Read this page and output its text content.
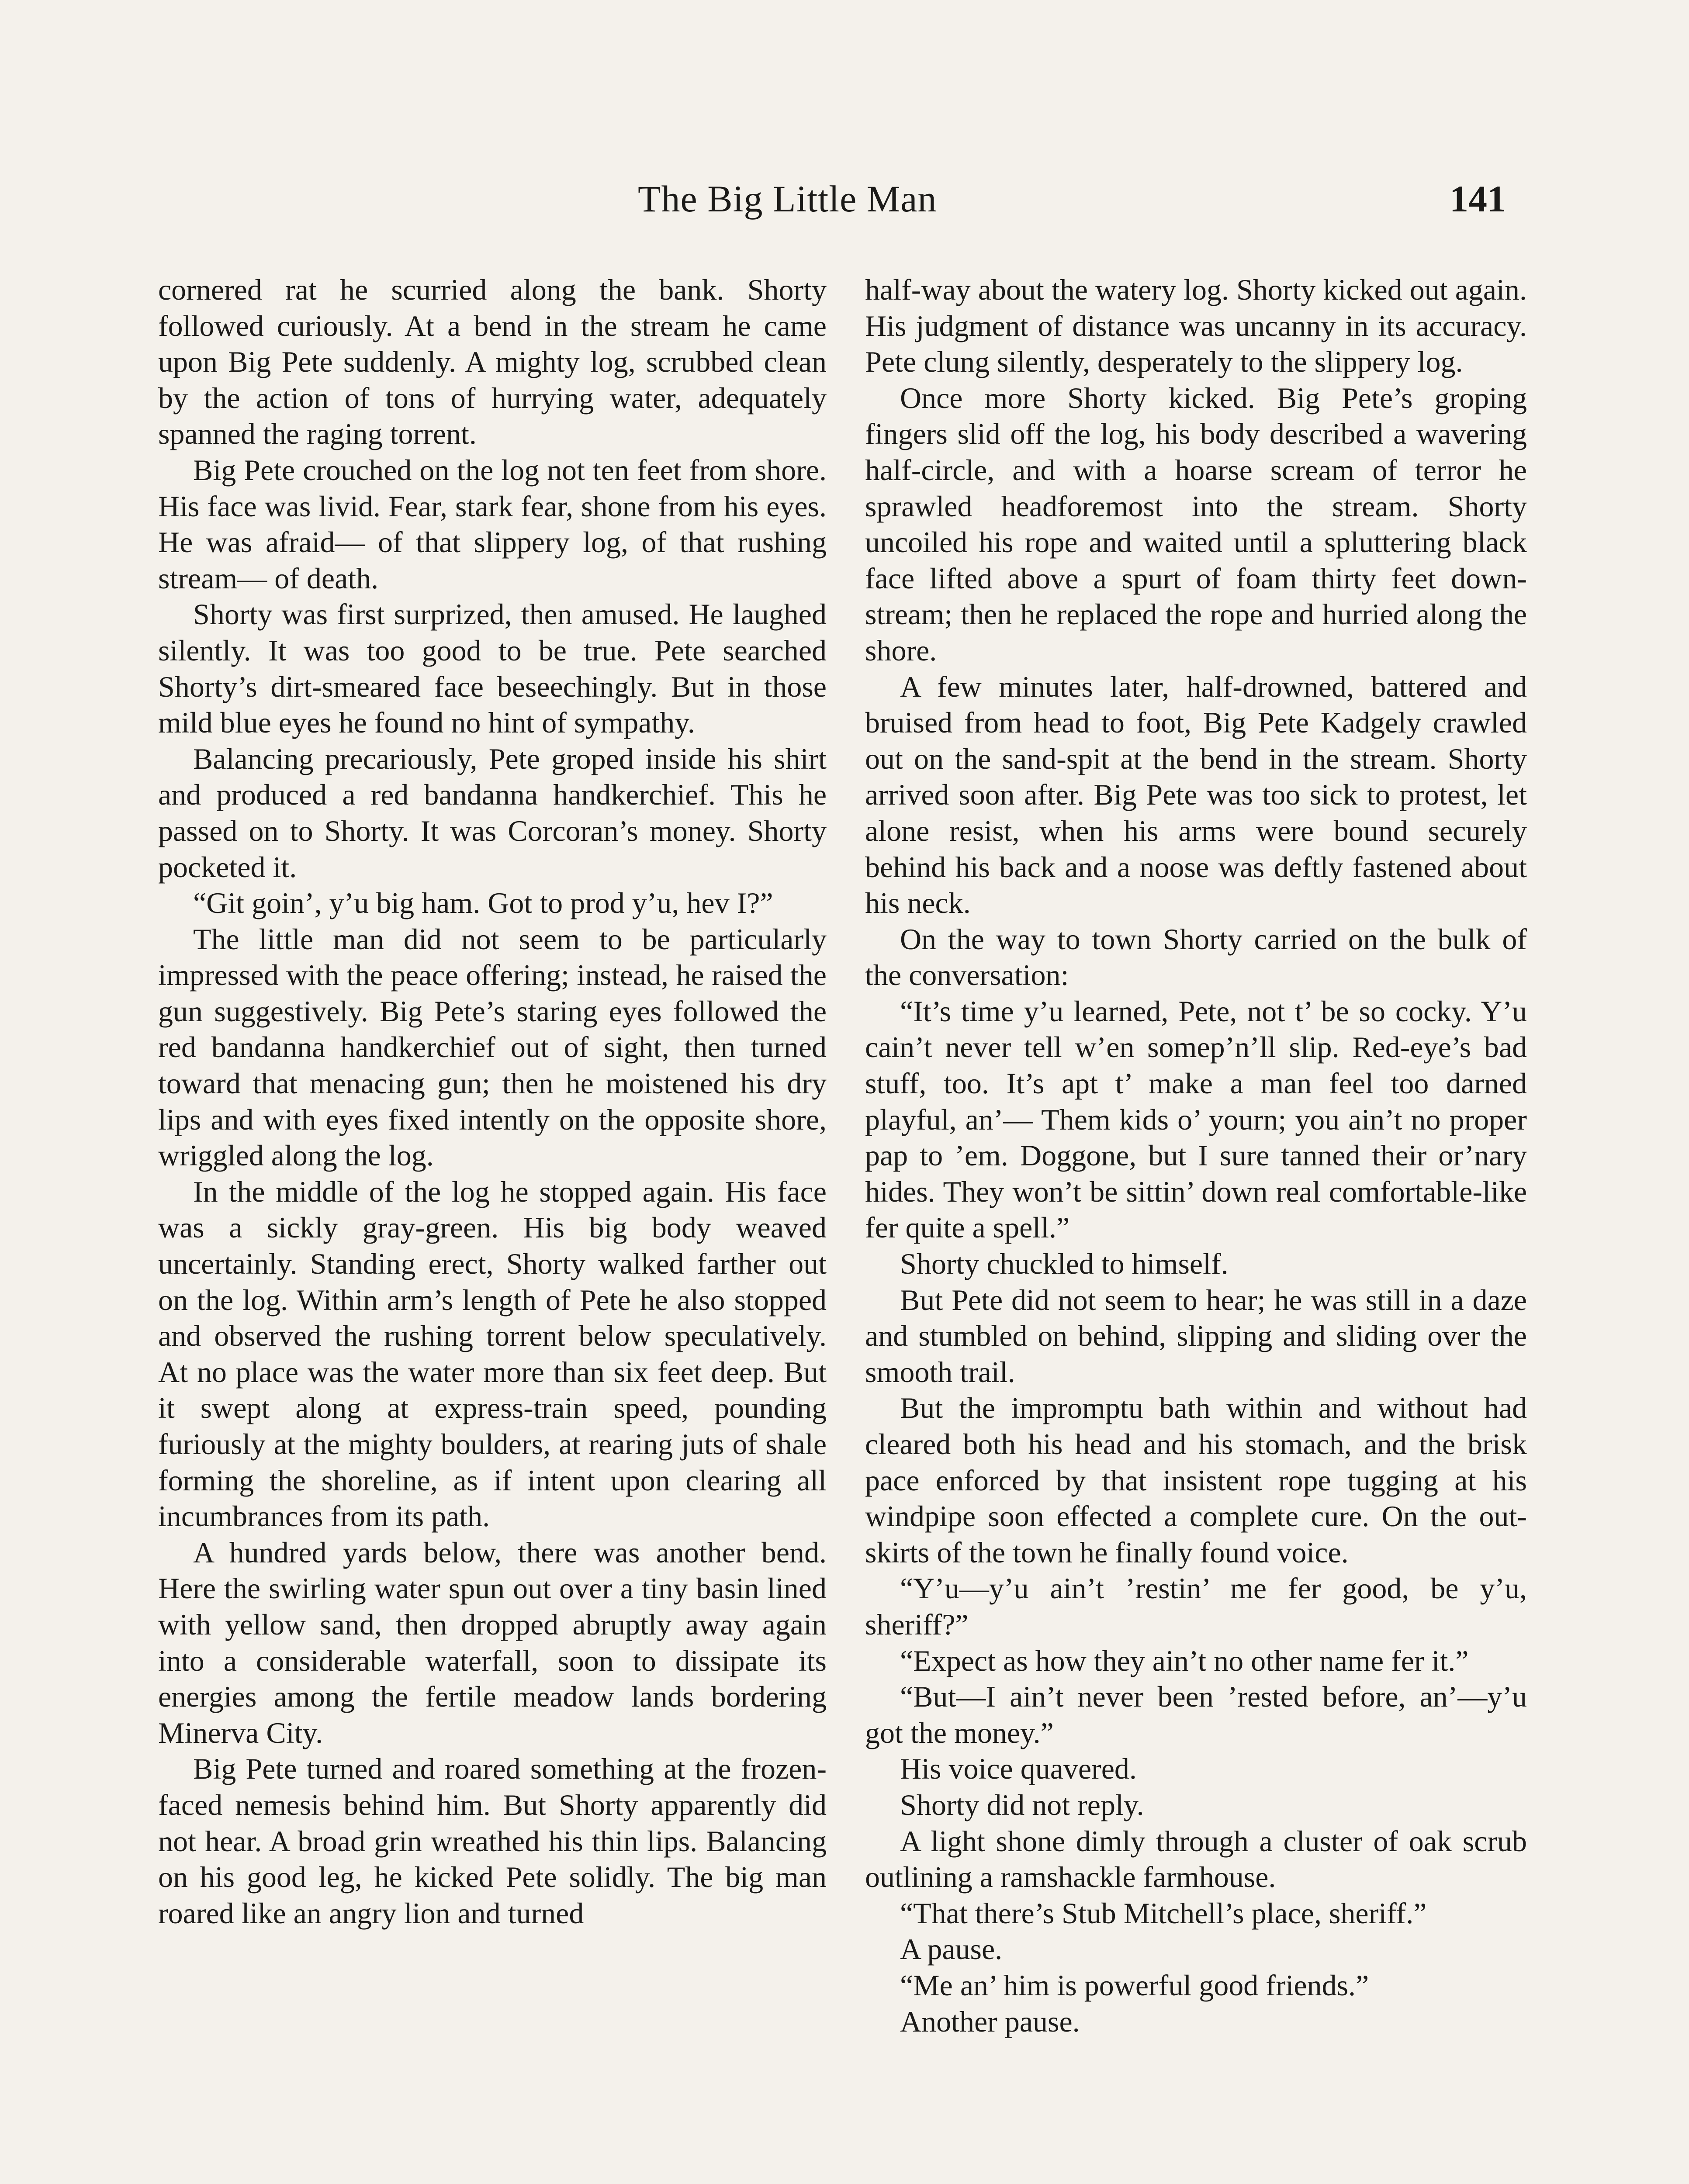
The Big Little Man	141

cornered rat he scurried along the bank. Shorty followed curiously. At a bend in the stream he came upon Big Pete suddenly. A mighty log, scrubbed clean by the action of tons of hurrying water, adequately spanned the raging torrent.

Big Pete crouched on the log not ten feet from shore. His face was livid. Fear, stark fear, shone from his eyes. He was afraid— of that slippery log, of that rushing stream— of death.

Shorty was first surprized, then amused. He laughed silently. It was too good to be true. Pete searched Shorty’s dirt-smeared face beseechingly. But in those mild blue eyes he found no hint of sympathy.

Balancing precariously, Pete groped inside his shirt and produced a red bandanna handkerchief. This he passed on to Shorty. It was Corcoran’s money. Shorty pocketed it.

“Git goin’, y’u big ham. Got to prod y’u, hev I?”

The little man did not seem to be particularly impressed with the peace offering; instead, he raised the gun suggestively. Big Pete’s staring eyes followed the red bandanna handkerchief out of sight, then turned toward that menacing gun; then he moistened his dry lips and with eyes fixed intently on the opposite shore, wriggled along the log.

In the middle of the log he stopped again. His face was a sickly gray-green. His big body weaved uncertainly. Standing erect, Shorty walked farther out on the log. Within arm’s length of Pete he also stopped and observed the rushing torrent below speculatively. At no place was the water more than six feet deep. But it swept along at express-train speed, pounding furiously at the mighty boulders, at rearing juts of shale forming the shoreline, as if intent upon clearing all incumbrances from its path.

A hundred yards below, there was another bend. Here the swirling water spun out over a tiny basin lined with yellow sand, then dropped abruptly away again into a considerable waterfall, soon to dissipate its energies among the fertile meadow lands bordering Minerva City.

Big Pete turned and roared something at the frozen-faced nemesis behind him. But Shorty apparently did not hear. A broad grin wreathed his thin lips. Balancing on his good leg, he kicked Pete solidly. The big man roared like an angry lion and turned

half-way about the watery log. Shorty kicked out again. His judgment of distance was uncanny in its accuracy. Pete clung silently, desperately to the slippery log.

Once more Shorty kicked. Big Pete’s groping fingers slid off the log, his body described a wavering half-circle, and with a hoarse scream of terror he sprawled headforemost into the stream. Shorty uncoiled his rope and waited until a spluttering black face lifted above a spurt of foam thirty feet down-stream; then he replaced the rope and hurried along the shore.

A few minutes later, half-drowned, battered and bruised from head to foot, Big Pete Kadgely crawled out on the sand-spit at the bend in the stream. Shorty arrived soon after. Big Pete was too sick to protest, let alone resist, when his arms were bound securely behind his back and a noose was deftly fastened about his neck.

On the way to town Shorty carried on the bulk of the conversation:

“It’s time y’u learned, Pete, not t’ be so cocky. Y’u cain’t never tell w’en somep’n’ll slip. Red-eye’s bad stuff, too. It’s apt t’ make a man feel too darned playful, an’— Them kids o’ yourn; you ain’t no proper pap to ’em. Doggone, but I sure tanned their or’nary hides. They won’t be sittin’ down real comfortable-like fer quite a spell.”

Shorty chuckled to himself.

But Pete did not seem to hear; he was still in a daze and stumbled on behind, slipping and sliding over the smooth trail.

But the impromptu bath within and without had cleared both his head and his stomach, and the brisk pace enforced by that insistent rope tugging at his windpipe soon effected a complete cure. On the outskirts of the town he finally found voice.

“Y’u—y’u ain’t ’restin’ me fer good, be y’u, sheriff?”

“Expect as how they ain’t no other name fer it.”

“But—I ain’t never been ’rested before, an’—y’u got the money.”

His voice quavered.

Shorty did not reply.

A light shone dimly through a cluster of oak scrub outlining a ramshackle farmhouse.

“That there’s Stub Mitchell’s place, sheriff.”

A pause.

“Me an’ him is powerful good friends.”

Another pause.
